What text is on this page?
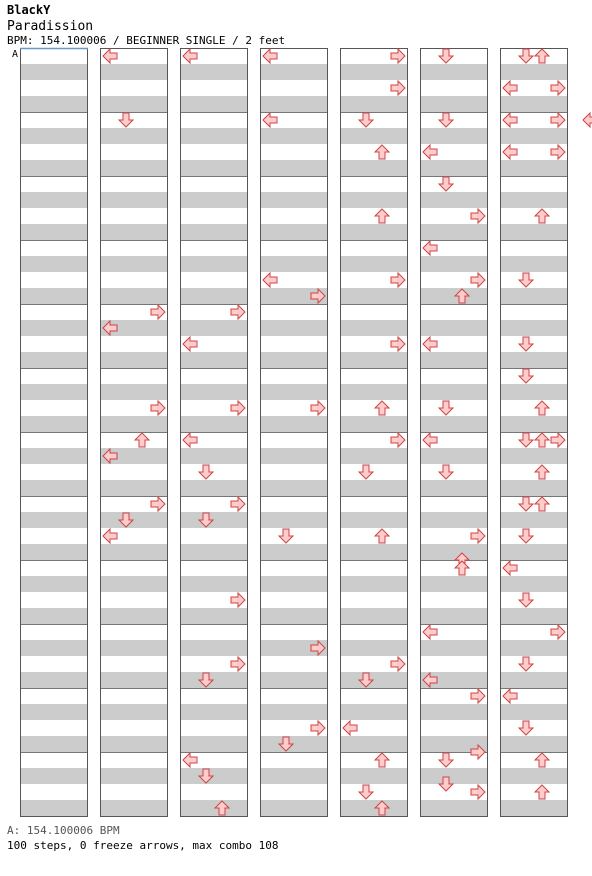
BlackY
Paradission
BPM: 154.100006 / BEGINNER SINGLE / 2 feet
A
A: 154.100006 BPM
100 steps, 0 freeze arrows, max combo 108
